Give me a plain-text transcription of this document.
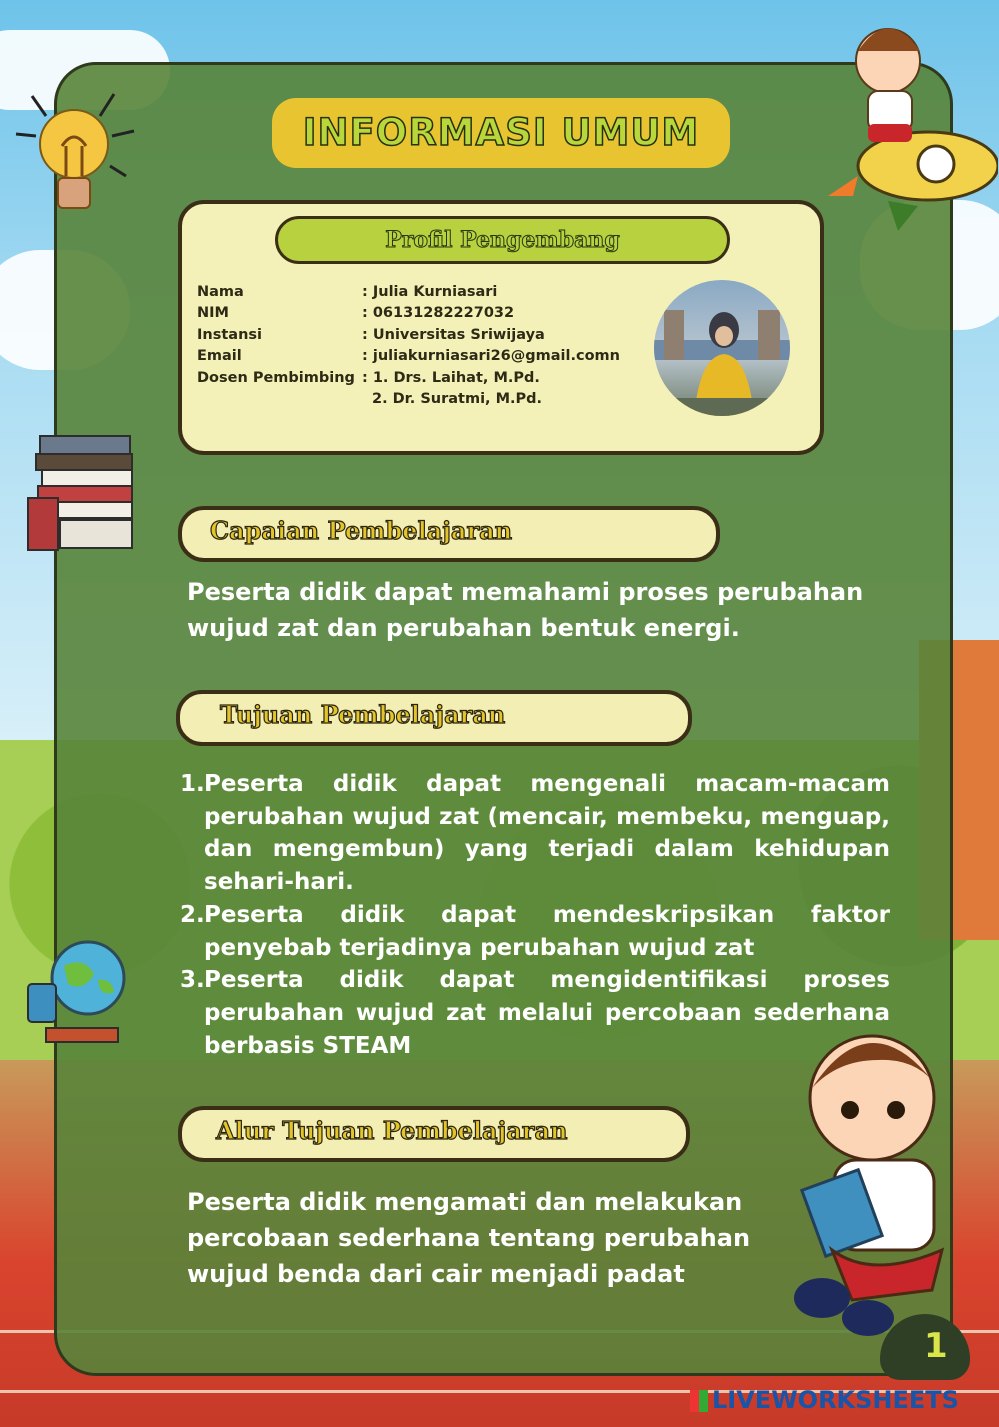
INFORMASI UMUM
Profil Pengembang
Nama	: Julia Kurniasari
NIM	: 06131282227032
Instansi	: Universitas Sriwijaya
Email	: juliakurniasari26@gmail.comn
Dosen Pembimbing : 1. Drs. Laihat, M.Pd.
2. Dr. Suratmi, M.Pd.
Capaian Pembelajaran
Peserta didik dapat memahami proses perubahan wujud zat dan perubahan bentuk energi.
Tujuan Pembelajaran
1. Peserta didik dapat mengenali macam-macam perubahan wujud zat (mencair, membeku, menguap, dan mengembun) yang terjadi dalam kehidupan sehari-hari.
2. Peserta didik dapat mendeskripsikan faktor penyebab terjadinya perubahan wujud zat
3. Peserta didik dapat mengidentifikasi proses perubahan wujud zat melalui percobaan sederhana berbasis STEAM
Alur Tujuan Pembelajaran
Peserta didik mengamati dan melakukan percobaan sederhana tentang perubahan wujud benda dari cair menjadi padat
1
LIVEWORKSHEETS
